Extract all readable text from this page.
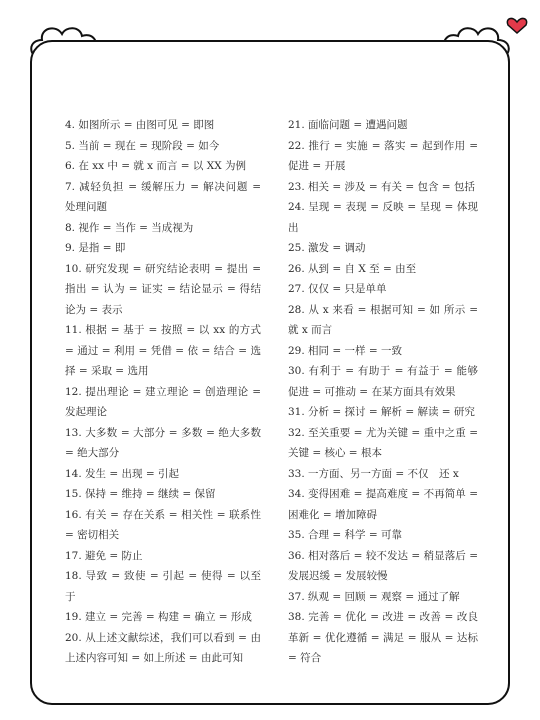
4. 如图所示 = 由图可见 = 即图
5. 当前 = 现在 = 现阶段 = 如今
6. 在 xx 中 = 就 x 而言 = 以 XX 为例
7. 减轻负担 = 缓解压力 = 解决问题 = 处理问题
8. 视作 = 当作 = 当成视为
9. 是指 = 即
10. 研究发现 = 研究结论表明 = 提出 = 指出 = 认为 = 证实 = 结论显示 = 得结论为 = 表示
11. 根据 = 基于 = 按照 = 以 xx 的方式 = 通过 = 利用 = 凭借 = 依 = 结合 = 选择 = 采取 = 选用
12. 提出理论 = 建立理论 = 创造理论 = 发起理论
13. 大多数 = 大部分 = 多数 = 绝大多数 = 绝大部分
14. 发生 = 出现 = 引起
15. 保持 = 维持 = 继续 = 保留
16. 有关 = 存在关系 = 相关性 = 联系性 = 密切相关
17. 避免 = 防止
18. 导致 = 致使 = 引起 = 使得 = 以至于
19. 建立 = 完善 = 构建 = 确立 = 形成
20. 从上述文献综述，我们可以看到 = 由上述内容可知 = 如上所述 = 由此可知
21. 面临问题 = 遭遇问题
22. 推行 = 实施 = 落实 = 起到作用 = 促进 = 开展
23. 相关 = 涉及 = 有关 = 包含 = 包括
24. 呈现 = 表现 = 反映 = 呈现 = 体现出
25. 激发 = 调动
26. 从到 = 自 X 至 = 由至
27. 仅仅 = 只是单单
28. 从 x 来看 = 根据可知 = 如 所示 = 就 x 而言
29. 相同 = 一样 = 一致
30. 有利于 = 有助于 = 有益于 = 能够促进 = 可推动 = 在某方面具有效果
31. 分析 = 探讨 = 解析 = 解读 = 研究
32. 至关重要 = 尤为关键 = 重中之重 = 关键 = 核心 = 根本
33. 一方面、另一方面 = 不仅　还 x
34. 变得困难 = 提高难度 = 不再简单 = 困难化 = 增加障碍
35. 合理 = 科学 = 可靠
36. 相对落后 = 较不发达 = 稍显落后 = 发展迟缓 = 发展较慢
37. 纵观 = 回顾 = 观察 = 通过了解
38. 完善 = 优化 = 改进 = 改善 = 改良 革新 = 优化遵循 = 满足 = 服从 = 达标 = 符合
